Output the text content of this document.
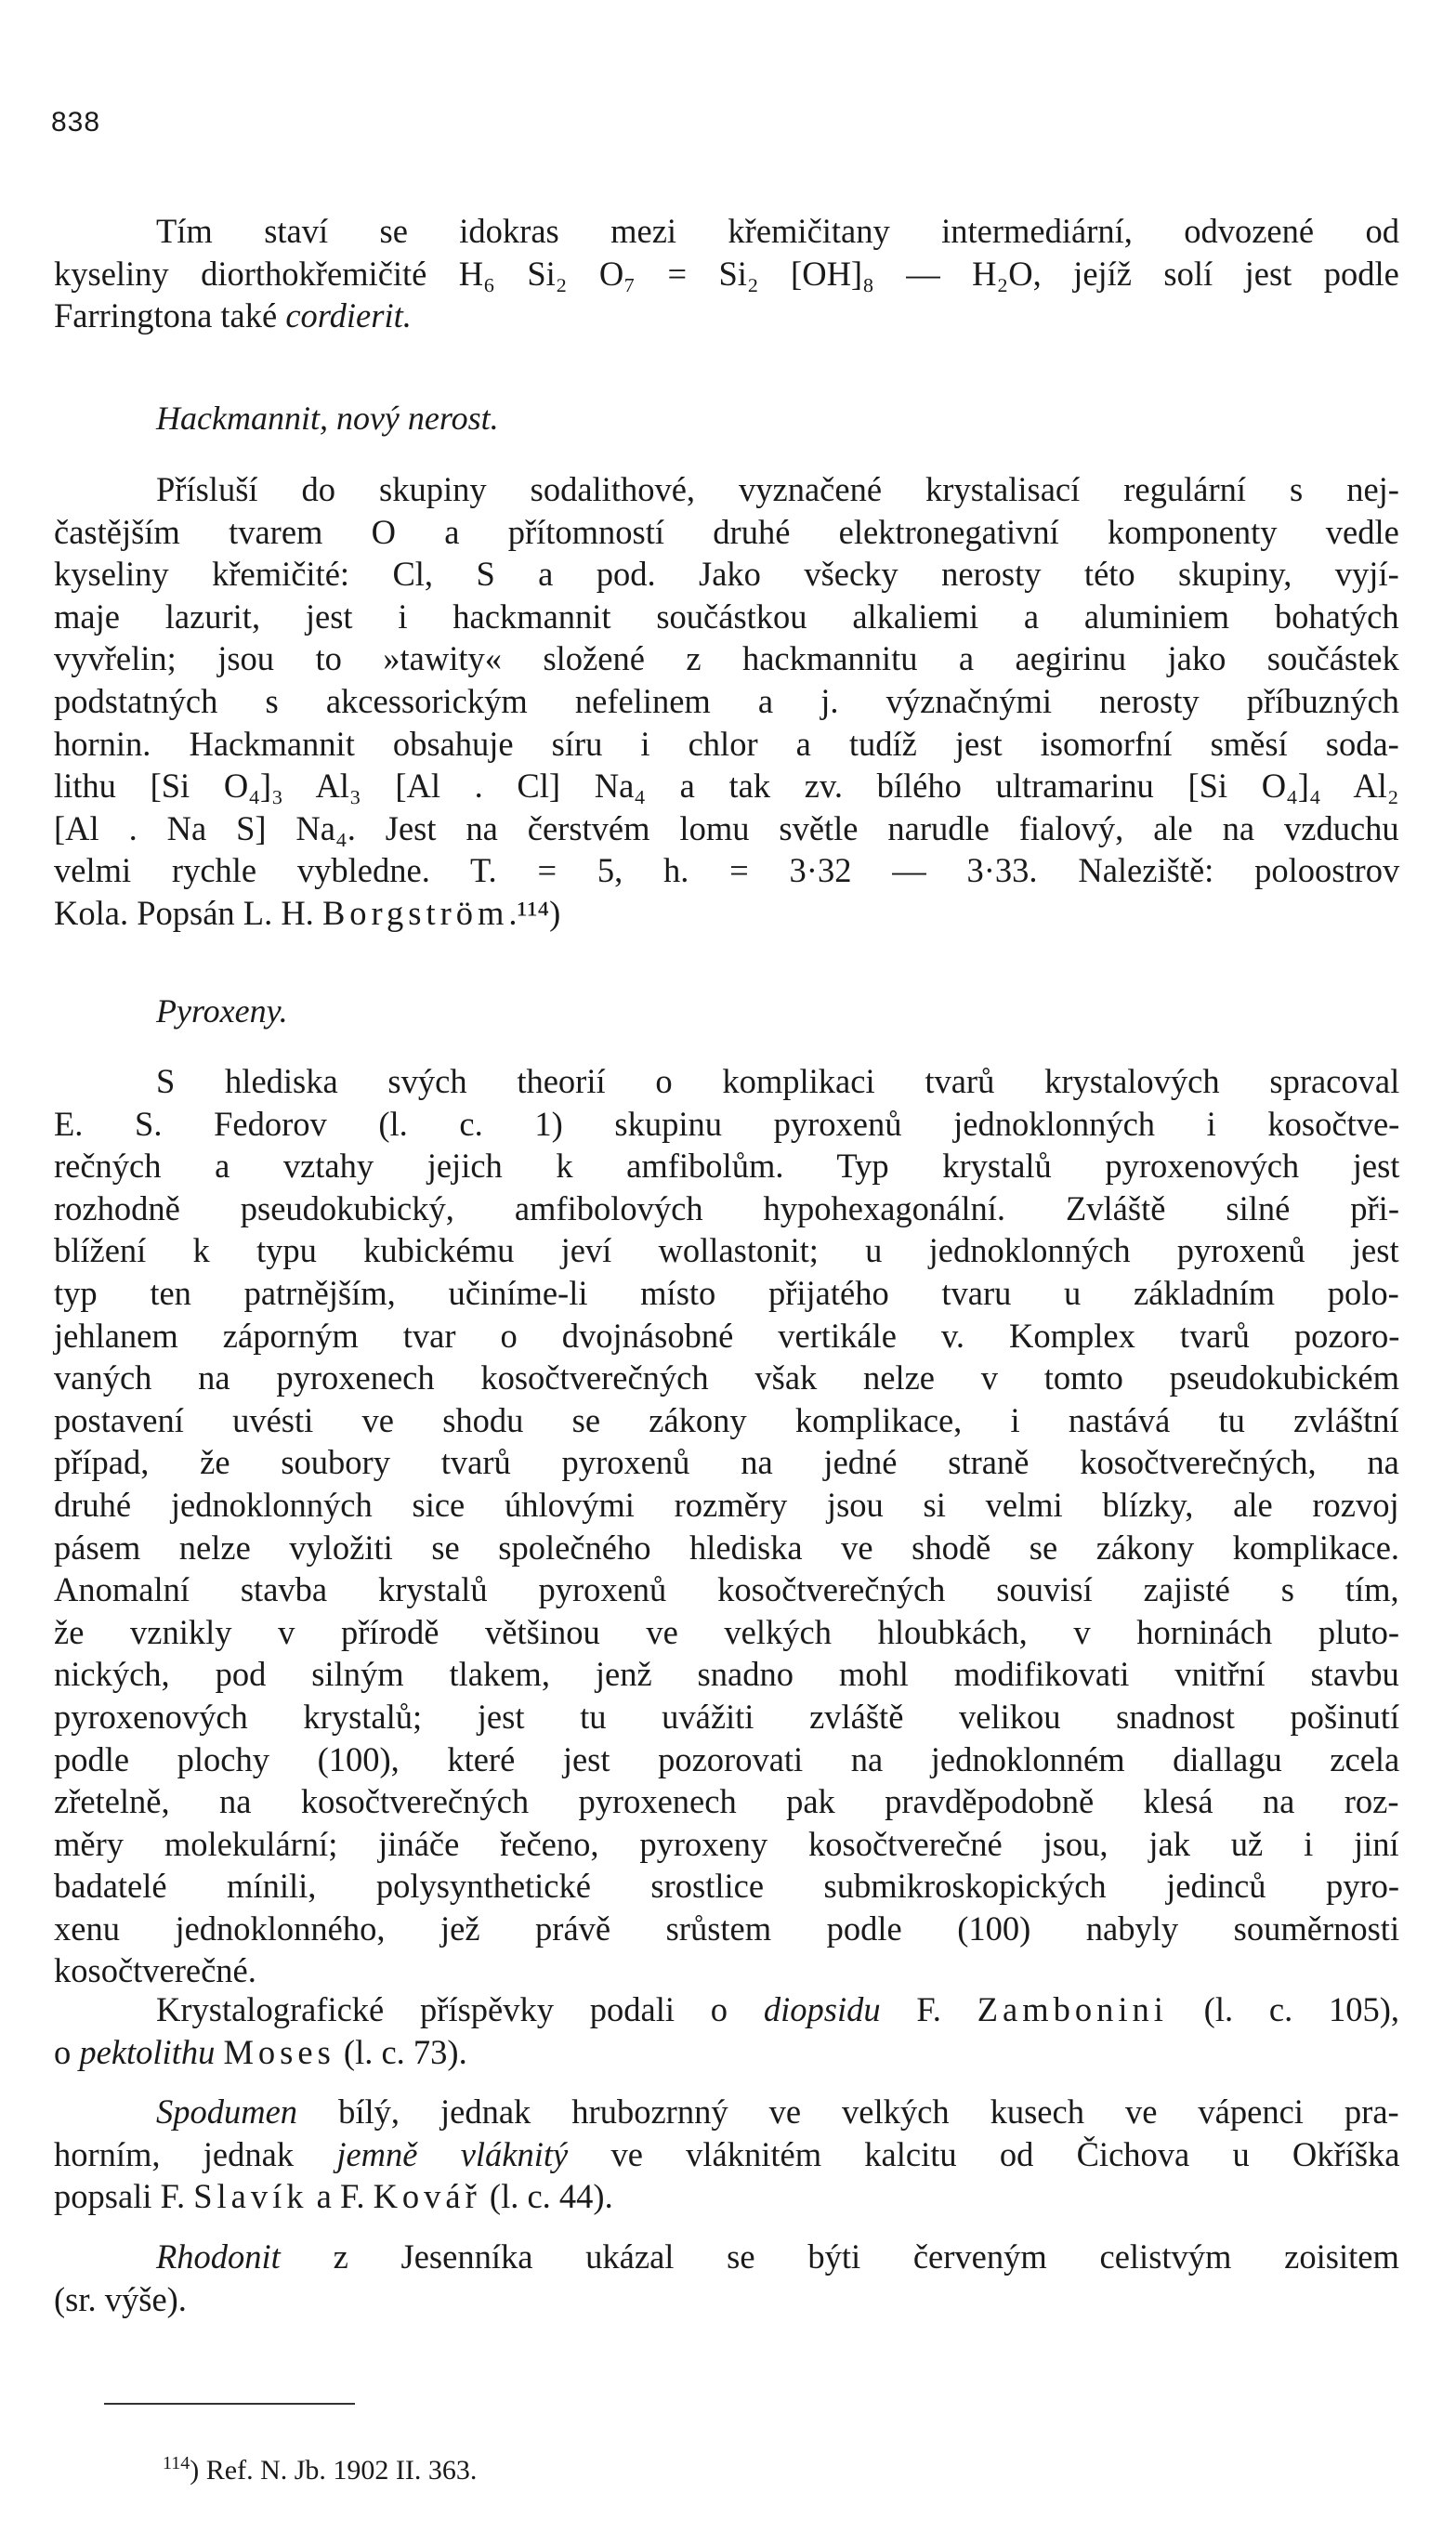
838
Tím staví se idokras mezi křemičitany intermediární, odvozené od
kyseliny diorthokřemičité H₆ Si₂ O₇ = Si₂ [OH]₈ — H₂O, jejíž solí jest podle
Farringtona také cordierit.
Hackmannit, nový nerost.
Přísluší do skupiny sodalithové, vyznačené krystalisací regulární s nej-
častějším tvarem O a přítomností druhé elektronegativní komponenty vedle
kyseliny křemičité: Cl, S a pod. Jako všecky nerosty této skupiny, vyjí-
maje lazurit, jest i hackmannit součástkou alkaliemi a aluminiem bohatých
vyvřelin; jsou to »tawity« složené z hackmannitu a aegirinu jako součástek
podstatných s akcessorickým nefelinem a j. význačnými nerosty příbuzných
hornin. Hackmannit obsahuje síru i chlor a tudíž jest isomorfní směsí soda-
lithu [Si O₄]₃ Al₃ [Al . Cl] Na₄ a tak zv. bílého ultramarinu [Si O₄]₄ Al₂
[Al . Na S] Na₄. Jest na čerstvém lomu světle narudle fialový, ale na vzduchu
velmi rychle vybledne. T. = 5, h. = 3·32 — 3·33. Naleziště: poloostrov
Kola. Popsán L. H. Borgström.¹¹⁴)
Pyroxeny.
S hlediska svých theorií o komplikaci tvarů krystalových spracoval
E. S. Fedorov (l. c. 1) skupinu pyroxenů jednoklonných i kosočtve-
rečných a vztahy jejich k amfibolům. Typ krystalů pyroxenových jest
rozhodně pseudokubický, amfibolových hypohexagonální. Zvláště silné při-
blížení k typu kubickému jeví wollastonit; u jednoklonných pyroxenů jest
typ ten patrnějším, učiníme-li místo přijatého tvaru u základním polo-
jehlanem záporným tvar o dvojnásobné vertikále v. Komplex tvarů pozoro-
vaných na pyroxenech kosočtverečných však nelze v tomto pseudokubickém
postavení uvésti ve shodu se zákony komplikace, i nastává tu zvláštní
případ, že soubory tvarů pyroxenů na jedné straně kosočtverečných, na
druhé jednoklonných sice úhlovými rozměry jsou si velmi blízky, ale rozvoj
pásem nelze vyložiti se společného hlediska ve shodě se zákony komplikace.
Anomalní stavba krystalů pyroxenů kosočtverečných souvisí zajisté s tím,
že vznikly v přírodě většinou ve velkých hloubkách, v horninách pluto-
nických, pod silným tlakem, jenž snadno mohl modifikovati vnitřní stavbu
pyroxenových krystalů; jest tu uvážiti zvláště velikou snadnost pošinutí
podle plochy (100), které jest pozorovati na jednoklonném diallagu zcela
zřetelně, na kosočtverečných pyroxenech pak pravděpodobně klesá na roz-
měry molekulární; jináče řečeno, pyroxeny kosočtverečné jsou, jak už i jiní
badatelé mínili, polysynthetické srostlice submikroskopických jedinců pyro-
xenu jednoklonného, jež právě srůstem podle (100) nabyly souměrnosti
kosočtverečné.
Krystalografické příspěvky podali o diopsidu F. Zambonini (l. c. 105),
o pektolithu Moses (l. c. 73).
Spodumen bílý, jednak hrubozrnný ve velkých kusech ve vápenci pra-
horním, jednak jemně vláknitý ve vláknitém kalcitu od Čichova u Okříška
popsali F. Slavík a F. Kovář (l. c. 44).
Rhodonit z Jesenníka ukázal se býti červeným celistvým zoisitem
(sr. výše).
$^{114}$) Ref. N. Jb. 1902 II. 363.
